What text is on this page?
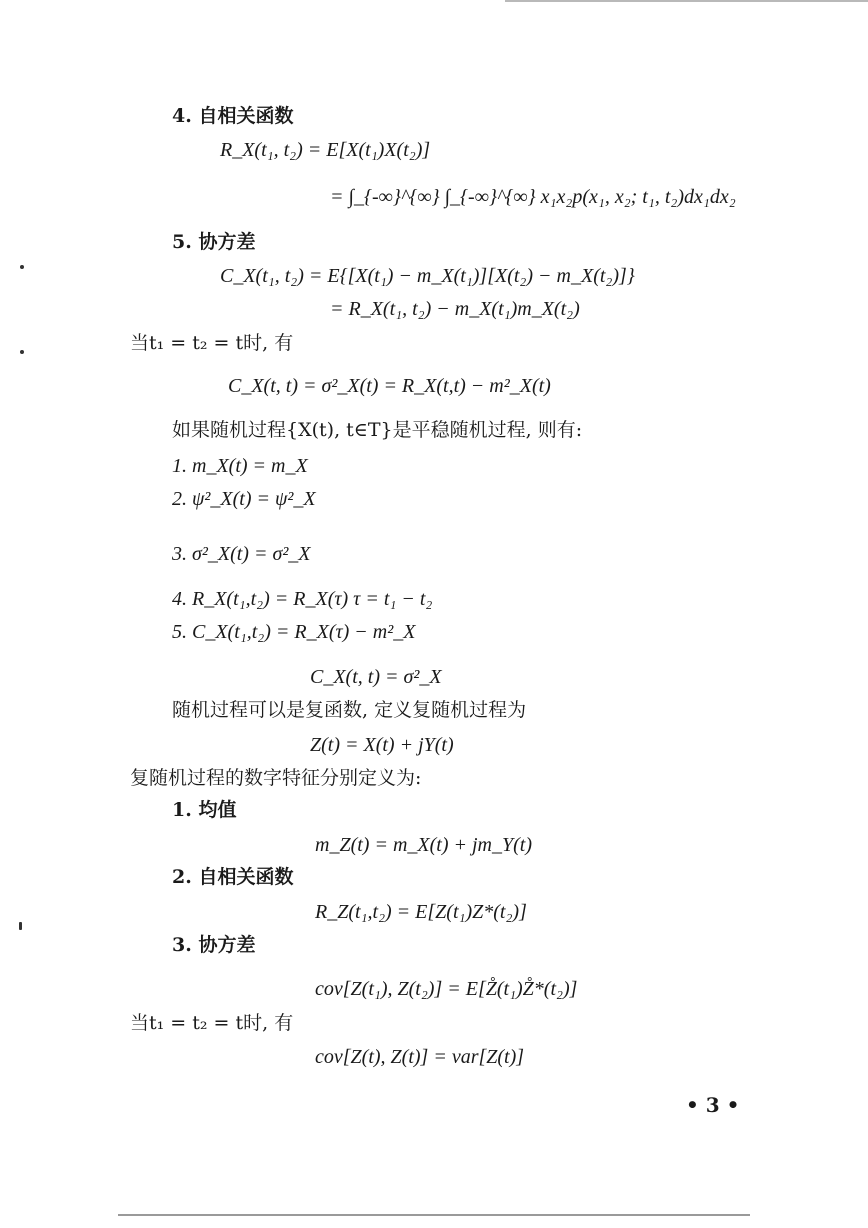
4. 自相关函数
R_X(t₁, t₂) = E[X(t₁)X(t₂)]
= ∫_{-∞}^{∞} ∫_{-∞}^{∞} x₁x₂p(x₁, x₂; t₁, t₂)dx₁dx₂
5. 协方差
C_X(t₁, t₂) = E{[X(t₁) − m_X(t₁)][X(t₂) − m_X(t₂)]}
= R_X(t₁, t₂) − m_X(t₁)m_X(t₂)
当t₁ = t₂ = t时, 有
C_X(t, t) = σ²_X(t) = R_X(t,t) − m²_X(t)
如果随机过程{X(t), t∈T}是平稳随机过程, 则有:
1. m_X(t) = m_X
2. ψ²_X(t) = ψ²_X
3. σ²_X(t) = σ²_X
4. R_X(t₁,t₂) = R_X(τ) τ = t₁ − t₂
5. C_X(t₁,t₂) = R_X(τ) − m²_X
C_X(t, t) = σ²_X
随机过程可以是复函数, 定义复随机过程为
Z(t) = X(t) + jY(t)
复随机过程的数字特征分别定义为:
1. 均值
m_Z(t) = m_X(t) + jm_Y(t)
2. 自相关函数
R_Z(t₁,t₂) = E[Z(t₁)Z*(t₂)]
3. 协方差
cov[Z(t₁), Z(t₂)] = E[Z̊(t₁)Z̊*(t₂)]
当t₁ = t₂ = t时, 有
cov[Z(t), Z(t)] = var[Z(t)]
• 3 •
